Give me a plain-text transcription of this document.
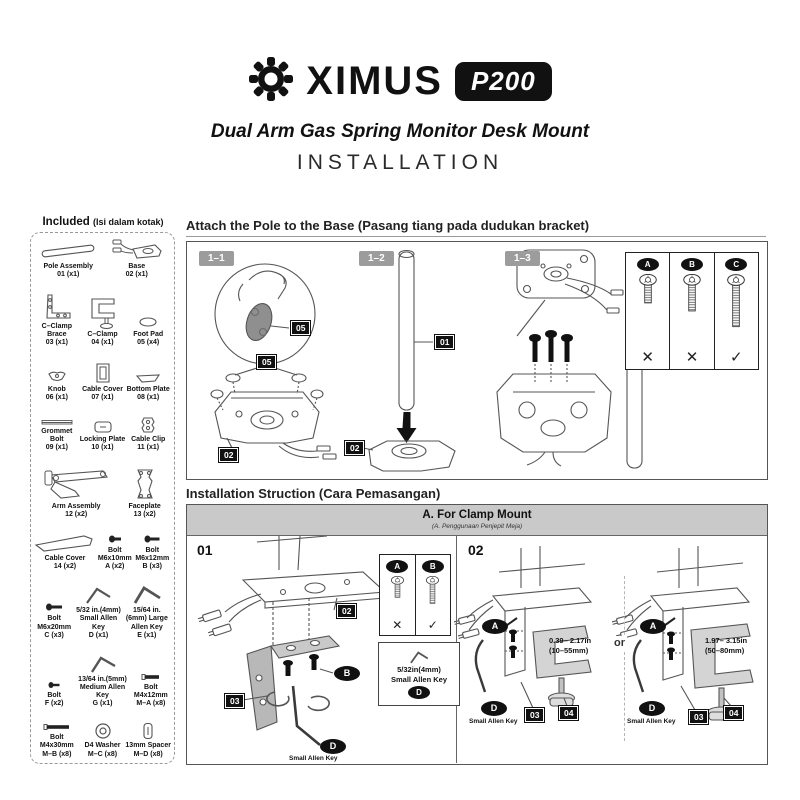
XIMUS	P200
Dual Arm Gas Spring Monitor Desk Mount
INSTALLATION
Included (Isi dalam kotak)
Pole Assembly
01 (x1)
Base
02 (x1)
C–Clamp Brace
03 (x1)
C–Clamp
04 (x1)
Foot Pad
05 (x4)
Knob
06 (x1)
Cable Cover
07 (x1)
Bottom Plate
08 (x1)
Grommet Bolt
09 (x1)
Locking Plate
10 (x1)
Cable Clip
11 (x1)
Arm Assembly
12 (x2)
Faceplate
13 (x2)
Cable Cover
14 (x2)
Bolt M6x10mm
A (x2)
Bolt M6x12mm
B (x3)
Bolt M6x20mm
C (x3)
5/32 in.(4mm) Small Allen Key
D (x1)
15/64 in.(6mm) Large Allen Key
E (x1)
Bolt
F (x2)
13/64 in.(5mm) Medium Allen Key
G (x1)
Bolt M4x12mm
M–A (x8)
Bolt M4x30mm
M–B (x8)
D4 Washer
M–C (x8)
13mm Spacer
M–D (x8)
Attach the Pole to the Base (Pasang tiang pada dudukan bracket)
1–1	1–2	1–3
05
05
02
01
02
A
✕
B
✕
C
✓
Installation Struction (Cara Pemasangan)
A. For Clamp Mount
(A. Penggunaan Penjepit Meja)
01
02
03
B
D
Small Allen Key
A
✕
B
✓
5/32in(4mm)
Small Allen Key
D
02
or
A
D
Small Allen Key
03	04
0.39– 2.17in
(10–55mm)
A
D
Small Allen Key	03	04
1.97– 3.15in
(50–80mm)
